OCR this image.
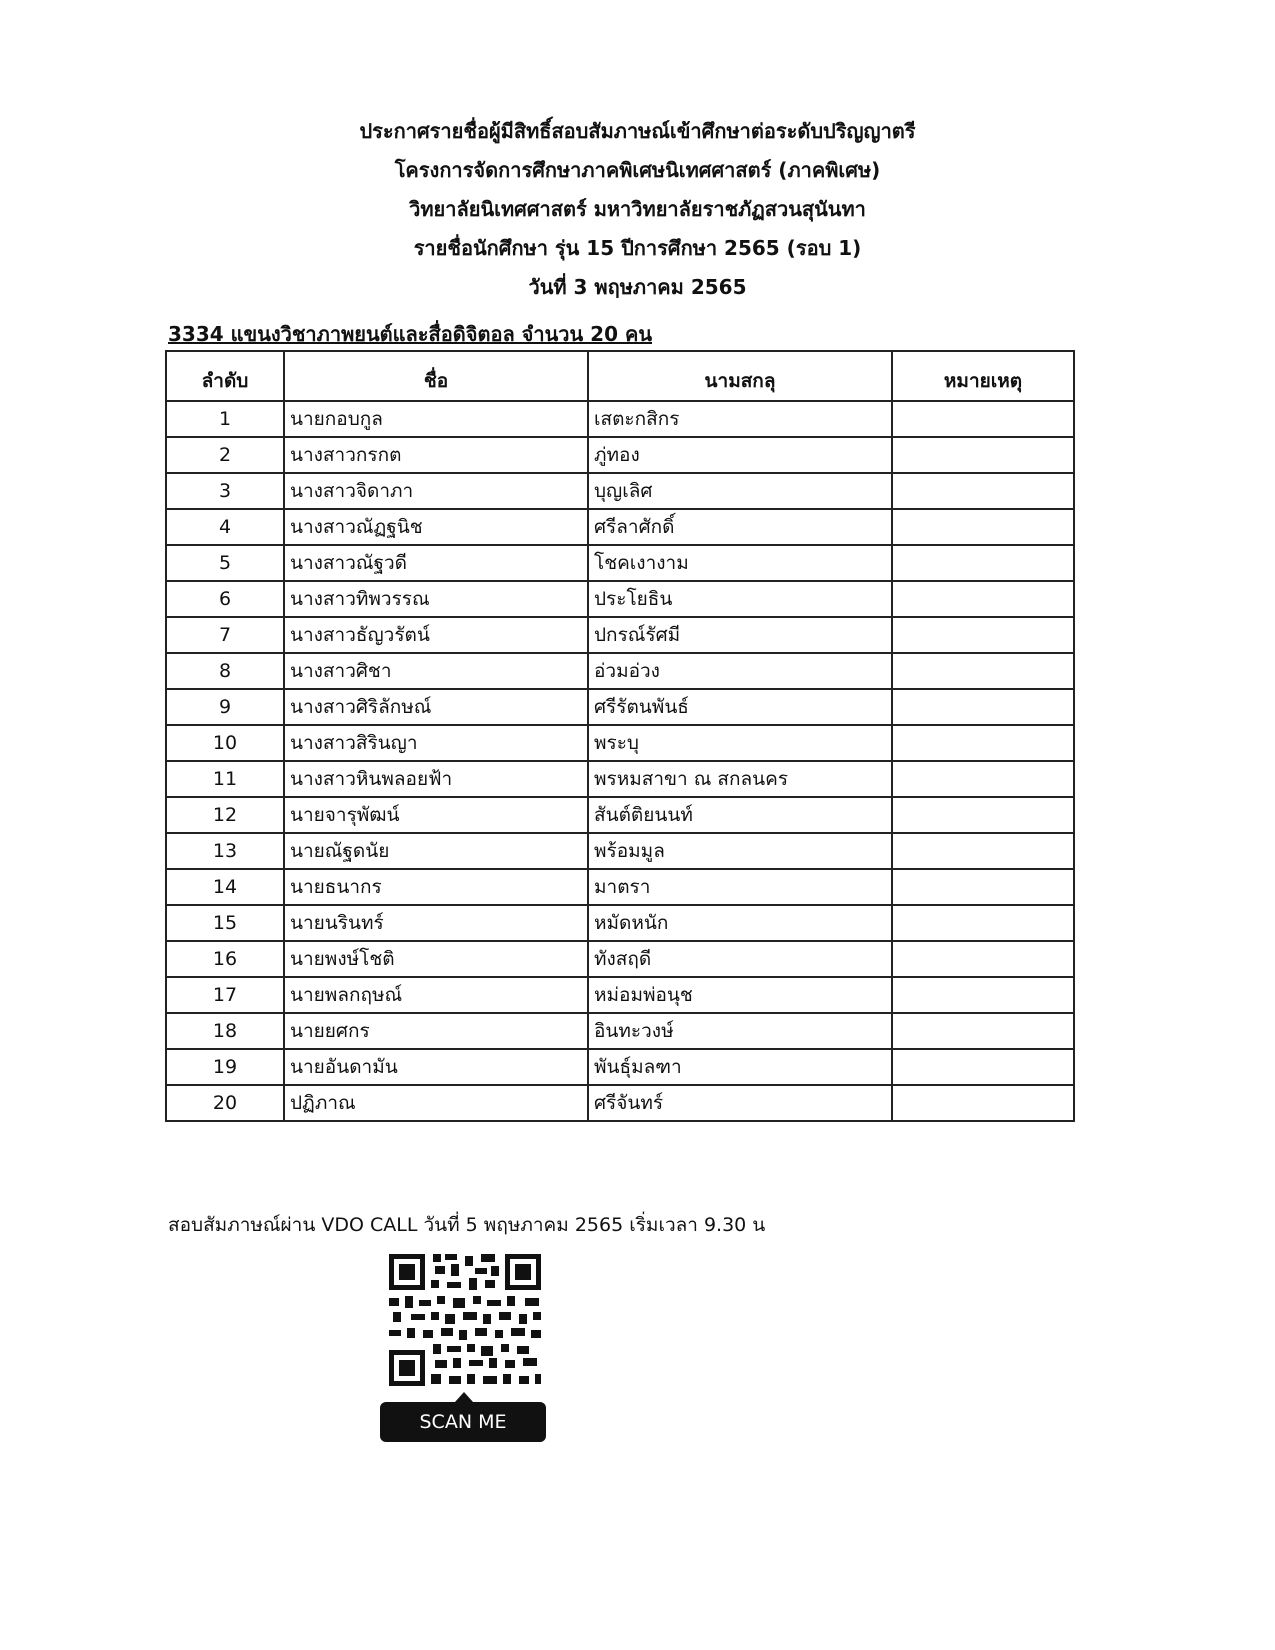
ประกาศรายชื่อผู้มีสิทธิ์สอบสัมภาษณ์เข้าศึกษาต่อระดับปริญญาตรี
โครงการจัดการศึกษาภาคพิเศษนิเทศศาสตร์ (ภาคพิเศษ)
วิทยาลัยนิเทศศาสตร์ มหาวิทยาลัยราชภัฏสวนสุนันทา
รายชื่อนักศึกษา รุ่น 15 ปีการศึกษา 2565 (รอบ 1)
วันที่ 3 พฤษภาคม 2565
3334 แขนงวิชาภาพยนต์และสื่อดิจิตอล จำนวน 20 คน
ลำดับ	ชื่อ	นามสกลุ	หมายเหตุ
1	นายกอบกูล	เสตะกสิกร	
2	นางสาวกรกต	ภู่ทอง	
3	นางสาวจิดาภา	บุญเลิศ	
4	นางสาวณัฏฐนิช	ศรีลาศักดิ์	
5	นางสาวณัฐวดี	โชคเงางาม	
6	นางสาวทิพวรรณ	ประโยธิน	
7	นางสาวธัญวรัตน์	ปกรณ์รัศมี	
8	นางสาวศิชา	อ่วมอ่วง	
9	นางสาวศิริลักษณ์	ศรีรัตนพันธ์	
10	นางสาวสิรินญา	พระบุ	
11	นางสาวหินพลอยฟ้า	พรหมสาขา ณ สกลนคร	
12	นายจารุพัฒน์	สันต์ติยนนท์	
13	นายณัฐดนัย	พร้อมมูล	
14	นายธนากร	มาตรา	
15	นายนรินทร์	หมัดหนัก	
16	นายพงษ์โชติ	ทังสฤดี	
17	นายพลกฤษณ์	หม่อมพ่อนุช	
18	นายยศกร	อินทะวงษ์	
19	นายอันดามัน	พันธุ์มลฑา	
20	ปฏิภาณ	ศรีจันทร์	
สอบสัมภาษณ์ผ่าน VDO CALL วันที่ 5 พฤษภาคม 2565 เริ่มเวลา 9.30 น
SCAN ME
